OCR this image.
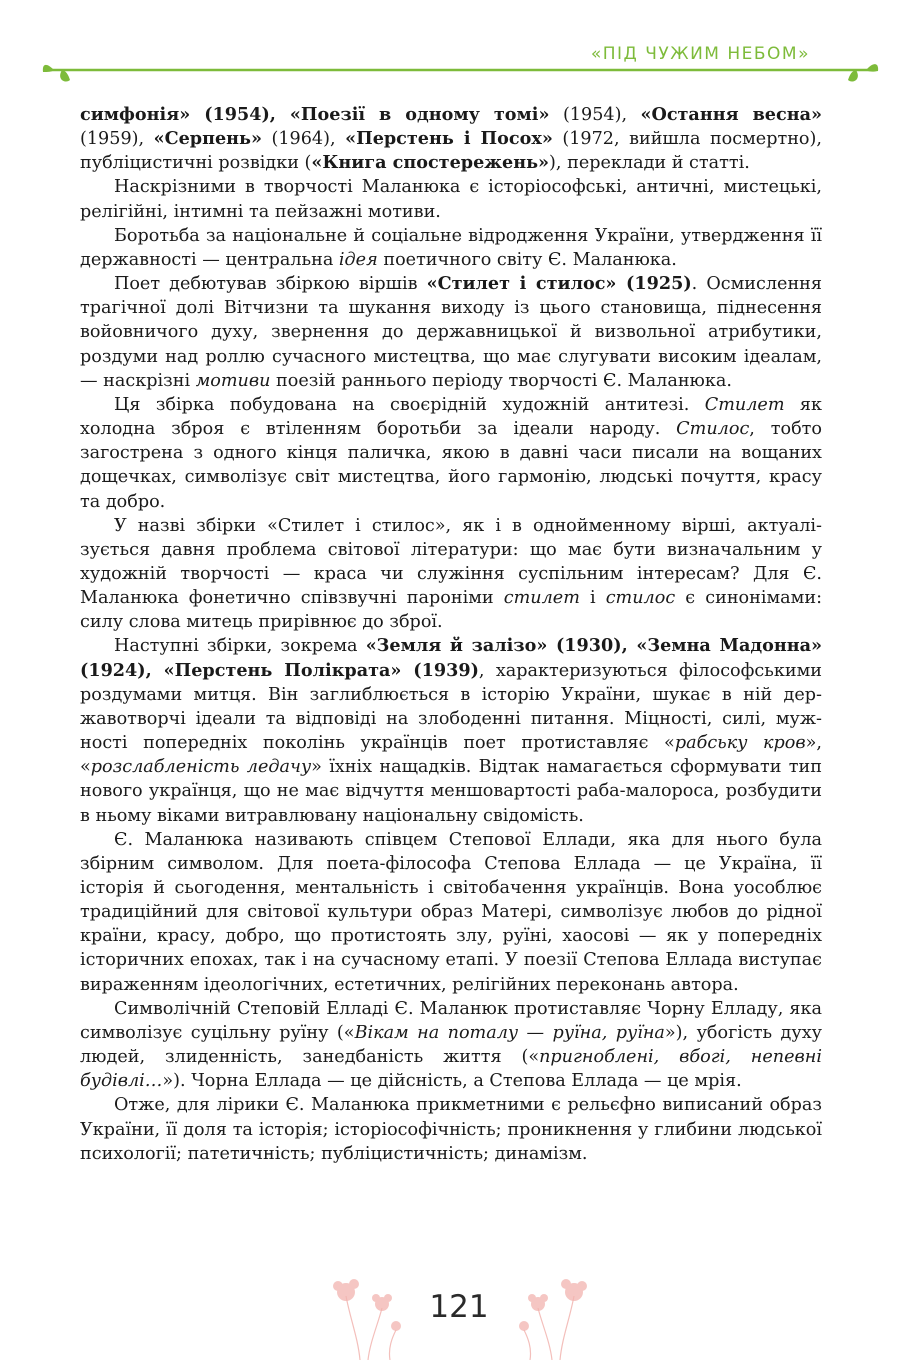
«ПІД ЧУЖИМ НЕБОМ»

симфонія» (1954), «Поезії в одному томі» (1954), «Остання весна» (1959), «Серпень» (1964), «Перстень і Посох» (1972, вийшла посмертно), публіцистичні розвідки («Книга спостережень»), переклади й статті.

Наскрізними в творчості Маланюка є історіософські, античні, мистецькі, релігійні, інтимні та пейзажні мотиви.

Боротьба за національне й соціальне відродження України, утвердження її державності — центральна ідея поетичного світу Є. Маланюка.

Поет дебютував збіркою віршів «Стилет і стилос» (1925). Осмислення трагічної долі Вітчизни та шукання виходу із цього становища, піднесення войовничого духу, звернення до державницької й визвольної атрибутики, роздуми над роллю сучасного мистецтва, що має слугувати високим ідеалам, — наскрізні мотиви поезій раннього періоду творчості Є. Маланюка.

Ця збірка побудована на своєрідній художній антитезі. Стилет як холодна зброя є втіленням боротьби за ідеали народу. Стилос, тобто загострена з одного кінця паличка, якою в давні часи писали на вощаних дощечках, символізує світ мистецтва, його гармонію, людські почуття, красу та добро.

У назві збірки «Стилет і стилос», як і в однойменному вірші, актуалізується давня проблема світової літератури: що має бути визначальним у художній творчості — краса чи служіння суспільним інтересам? Для Є. Маланюка фонетично співзвучні пароніми стилет і стилос є синонімами: силу слова митець прирівнює до зброї.

Наступні збірки, зокрема «Земля й залізо» (1930), «Земна Мадонна» (1924), «Перстень Полікрата» (1939), характеризуються філософськими роздумами митця. Він заглиблюється в історію України, шукає в ній державотворчі ідеали та відповіді на злободенні питання. Міцності, силі, мужності попередніх поколінь українців поет протиставляє «рабську кров», «розслабленість ледачу» їхніх нащадків. Відтак намагається сформувати тип нового українця, що не має відчуття меншовартості раба-малороса, розбудити в ньому віками витравлювану національну свідомість.

Є. Маланюка називають співцем Степової Еллади, яка для нього була збірним символом. Для поета-філософа Степова Еллада — це Україна, її історія й сьогодення, ментальність і світобачення українців. Вона уособлює традиційний для світової культури образ Матері, символізує любов до рідної країни, красу, добро, що протистоять злу, руїні, хаосові — як у попередніх історичних епохах, так і на сучасному етапі. У поезії Степова Еллада виступає вираженням ідеологічних, естетичних, релігійних переконань автора.

Символічній Степовій Елладі Є. Маланюк протиставляє Чорну Елладу, яка символізує суцільну руїну («Вікам на поталу — руїна, руїна»), убогість духу людей, злиденність, занедбаність життя («пригноблені, вбогі, непевні будівлі…»). Чорна Еллада — це дійсність, а Степова Еллада — це мрія.

Отже, для лірики Є. Маланюка прикметними є рельєфно виписаний образ України, її доля та історія; історіософічність; проникнення у глибини людської психології; патетичність; публіцистичність; динамізм.

121
